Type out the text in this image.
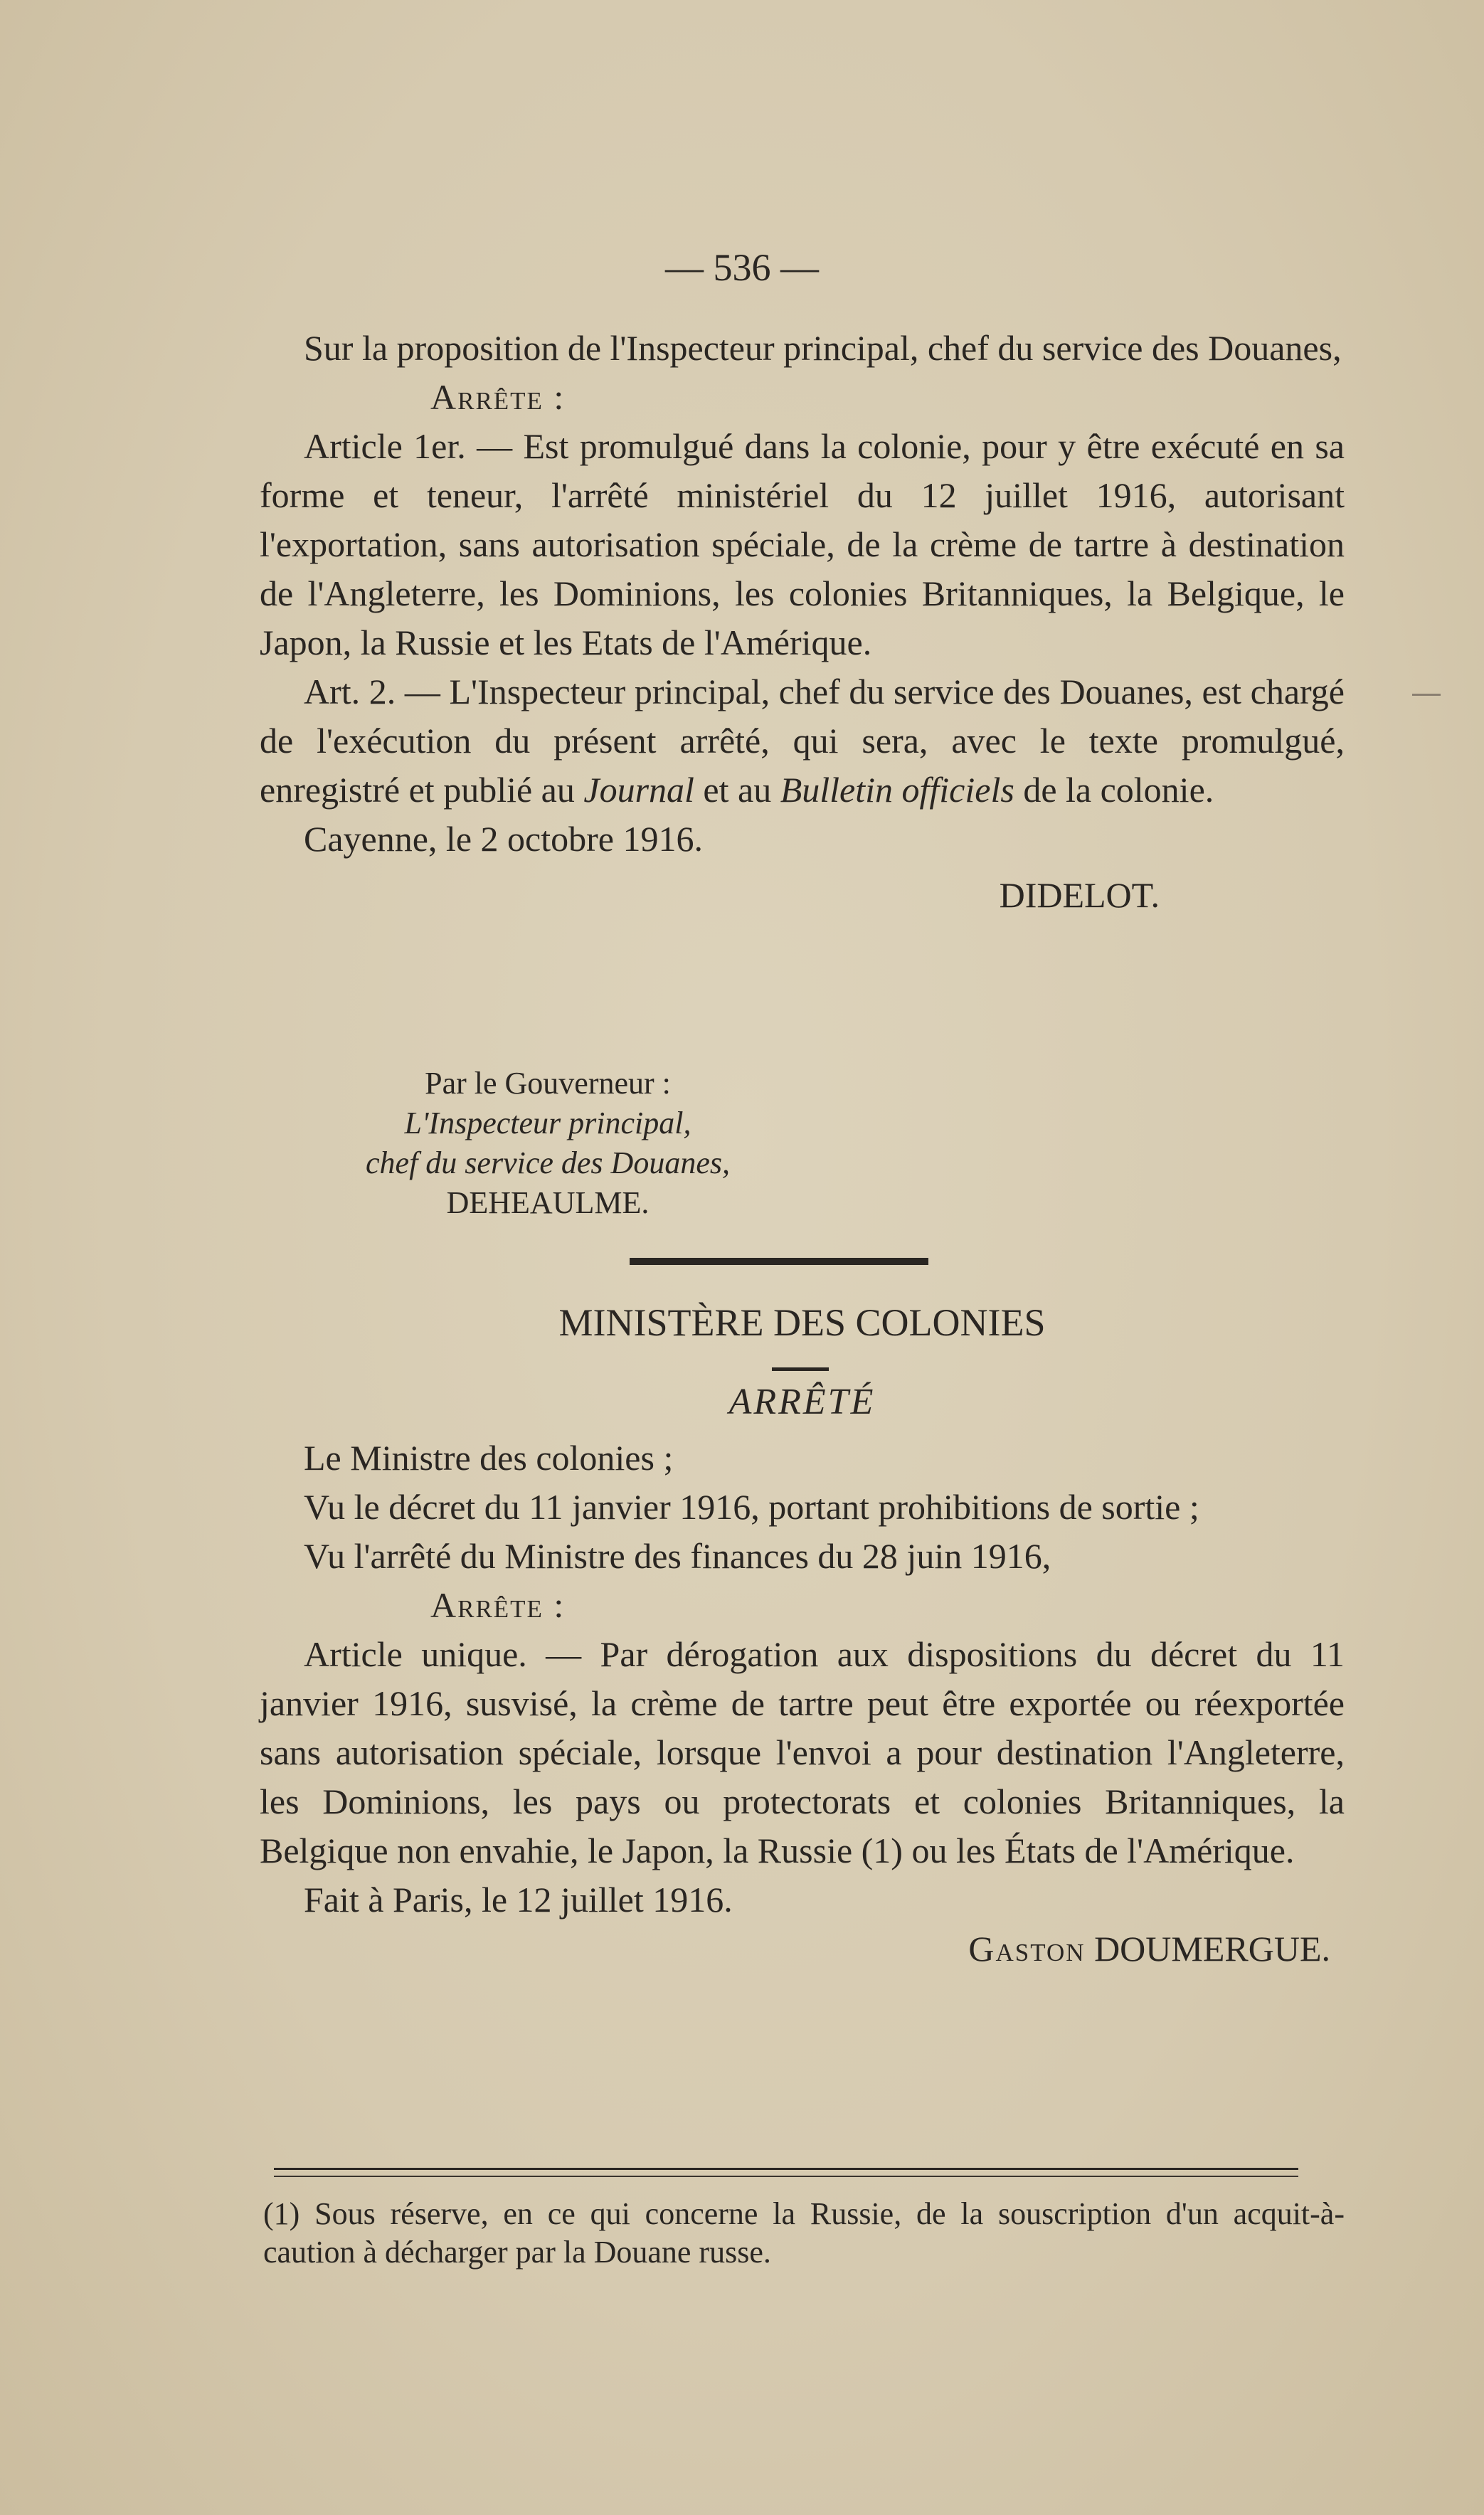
— 536 —

Sur la proposition de l'Inspecteur principal, chef du service des Douanes,

Arrête :

Article 1er. — Est promulgué dans la colonie, pour y être exécuté en sa forme et teneur, l'arrêté ministériel du 12 juillet 1916, autorisant l'exportation, sans autorisation spéciale, de la crème de tartre à destination de l'Angleterre, les Dominions, les colonies Britanniques, la Belgique, le Japon, la Russie et les Etats de l'Amérique.

Art. 2. — L'Inspecteur principal, chef du service des Douanes, est chargé de l'exécution du présent arrêté, qui sera, avec le texte promulgué, enregistré et publié au Journal et au Bulletin officiels de la colonie.

Cayenne, le 2 octobre 1916.

DIDELOT.

Par le Gouverneur :
L'Inspecteur principal,
chef du service des Douanes,
DEHEAULME.

MINISTÈRE DES COLONIES

ARRÊTÉ

Le Ministre des colonies ;

Vu le décret du 11 janvier 1916, portant prohibitions de sortie ;

Vu l'arrêté du Ministre des finances du 28 juin 1916,

Arrête :

Article unique. — Par dérogation aux dispositions du décret du 11 janvier 1916, susvisé, la crème de tartre peut être exportée ou réexportée sans autorisation spéciale, lorsque l'envoi a pour destination l'Angleterre, les Dominions, les pays ou protectorats et colonies Britanniques, la Belgique non envahie, le Japon, la Russie (1) ou les États de l'Amérique.

Fait à Paris, le 12 juillet 1916.

Gaston DOUMERGUE.

(1) Sous réserve, en ce qui concerne la Russie, de la souscription d'un acquit-à-caution à décharger par la Douane russe.
